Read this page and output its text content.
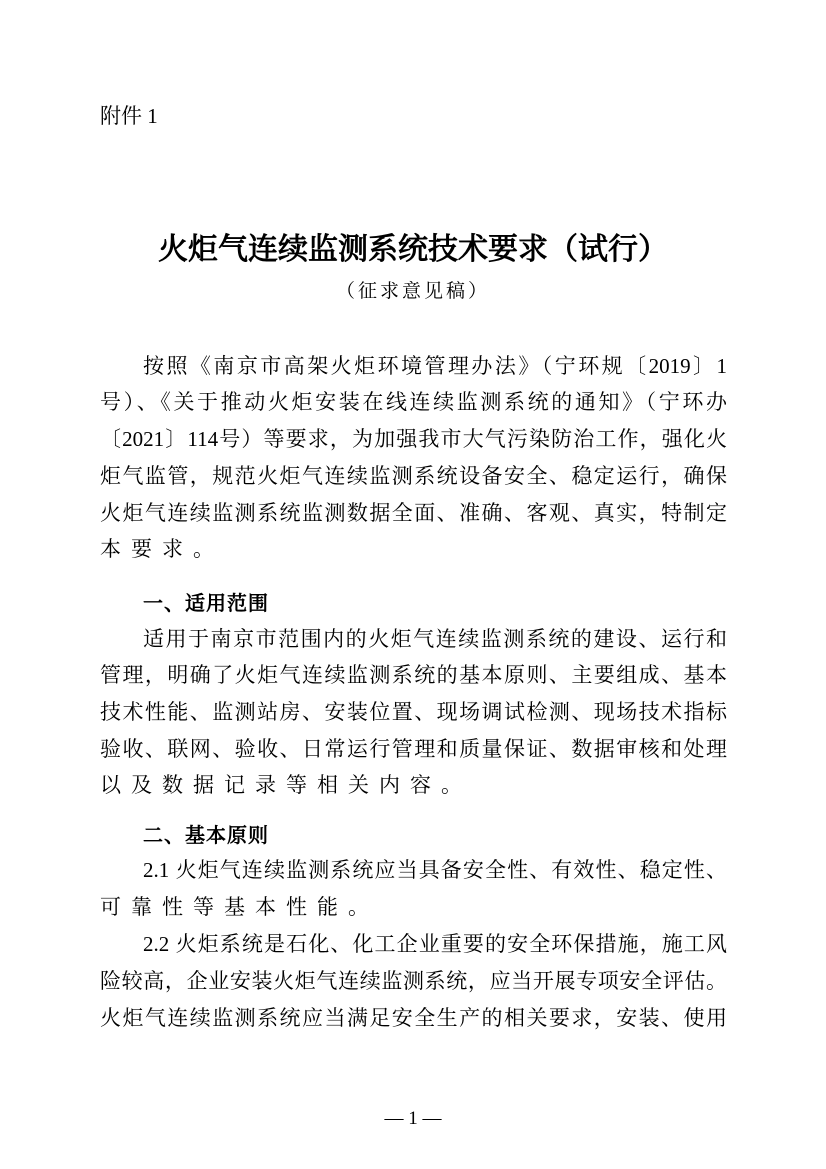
附件 1
火炬气连续监测系统技术要求（试行）
（征求意见稿）
按照《南京市高架火炬环境管理办法》（宁环规〔2019〕1
号）、《关于推动火炬安装在线连续监测系统的通知》（宁环办
〔2021〕114号）等要求，为加强我市大气污染防治工作，强化火
炬气监管，规范火炬气连续监测系统设备安全、稳定运行，确保
火炬气连续监测系统监测数据全面、准确、客观、真实，特制定
本要求。
一、适用范围
适用于南京市范围内的火炬气连续监测系统的建设、运行和
管理，明确了火炬气连续监测系统的基本原则、主要组成、基本
技术性能、监测站房、安装位置、现场调试检测、现场技术指标
验收、联网、验收、日常运行管理和质量保证、数据审核和处理
以及数据记录等相关内容。
二、基本原则
2.1 火炬气连续监测系统应当具备安全性、有效性、稳定性、
可靠性等基本性能。
2.2 火炬系统是石化、化工企业重要的安全环保措施，施工风
险较高，企业安装火炬气连续监测系统，应当开展专项安全评估。
火炬气连续监测系统应当满足安全生产的相关要求，安装、使用
— 1 —
